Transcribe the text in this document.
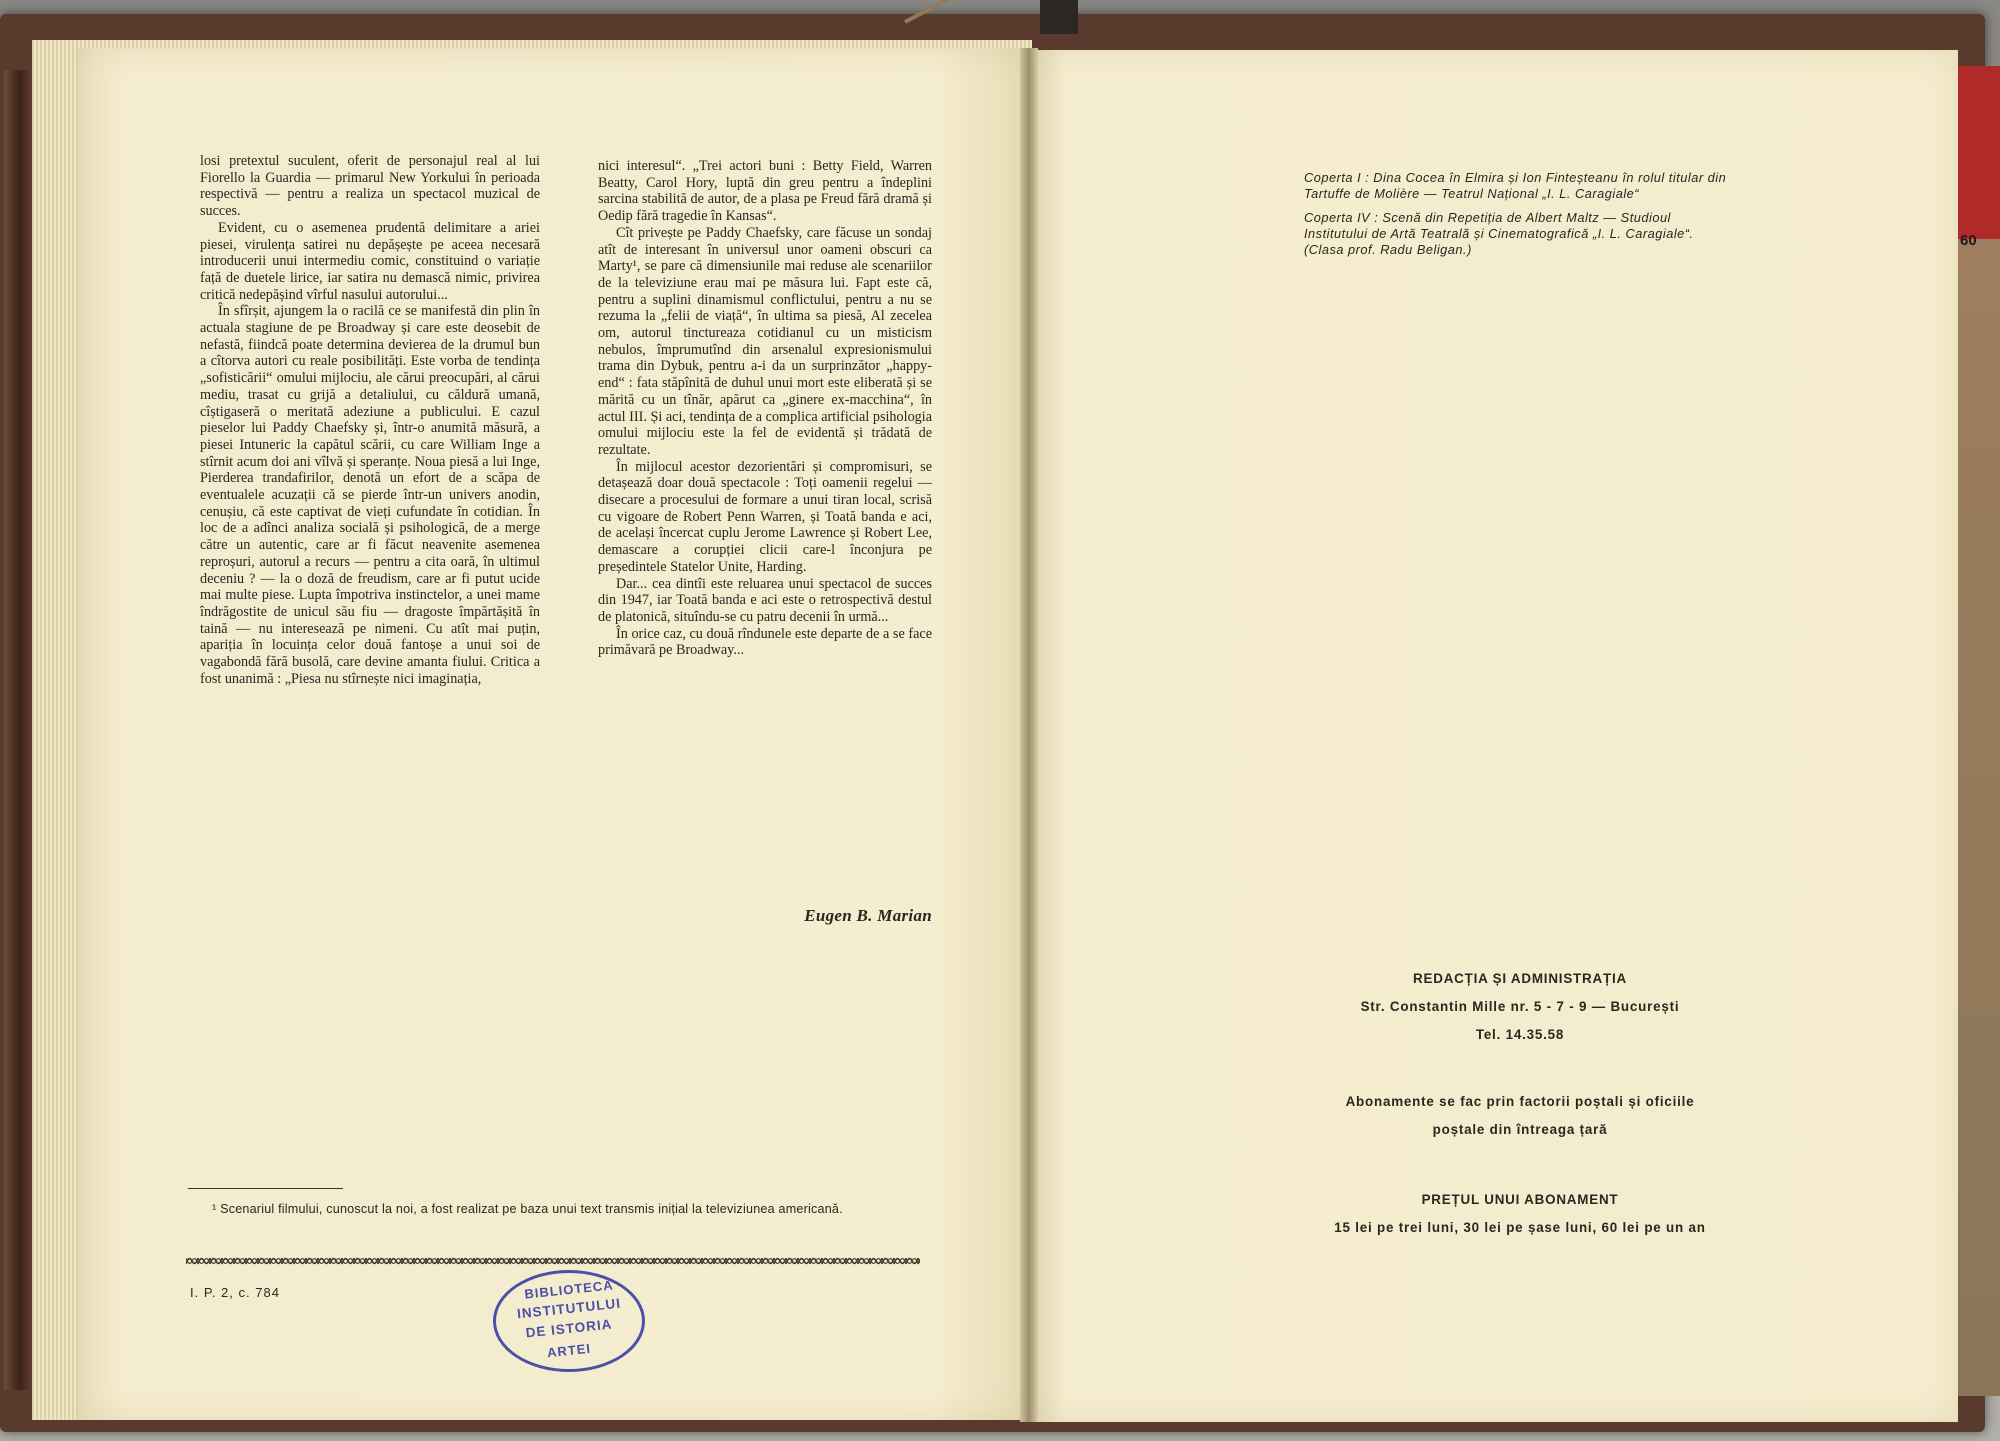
60

losi pretextul suculent, oferit de personajul real al lui Fiorello la Guardia — primarul New Yorkului în perioada respectivă — pentru a realiza un spectacol muzical de succes.

Evident, cu o asemenea prudentă delimitare a ariei piesei, virulența satirei nu depășește pe aceea necesară introducerii unui intermediu comic, constituind o variație față de duetele lirice, iar satira nu demască nimic, privirea critică nedepășind vîrful nasului autorului...

În sfîrșit, ajungem la o racilă ce se manifestă din plin în actuala stagiune de pe Broadway și care este deosebit de nefastă, fiindcă poate determina devierea de la drumul bun a cîtorva autori cu reale posibilități. Este vorba de tendința „sofisticării“ omului mijlociu, ale cărui preocupări, al cărui mediu, trasat cu grijă a detaliului, cu căldură umană, cîștigaseră o meritată adeziune a publicului. E cazul pieselor lui Paddy Chaefsky și, într-o anumită măsură, a piesei Intuneric la capătul scării, cu care William Inge a stîrnit acum doi ani vîlvă și speranțe. Noua piesă a lui Inge, Pierderea trandafirilor, denotă un efort de a scăpa de eventualele acuzații că se pierde într-un univers anodin, cenușiu, că este captivat de vieți cufundate în cotidian. În loc de a adînci analiza socială și psihologică, de a merge către un autentic, care ar fi făcut neavenite asemenea reproșuri, autorul a recurs — pentru a cita oară, în ultimul deceniu ? — la o doză de freudism, care ar fi putut ucide mai multe piese. Lupta împotriva instinctelor, a unei mame îndrăgostite de unicul său fiu — dragoste împărtășită în taină — nu interesează pe nimeni. Cu atît mai puțin, apariția în locuința celor două fantoșe a unui soi de vagabondă fără busolă, care devine amanta fiului. Critica a fost unanimă : „Piesa nu stîrnește nici imaginația,

nici interesul“. „Trei actori buni : Betty Field, Warren Beatty, Carol Hory, luptă din greu pentru a îndeplini sarcina stabilită de autor, de a plasa pe Freud fără dramă și Oedip fără tragedie în Kansas“.

Cît privește pe Paddy Chaefsky, care făcuse un sondaj atît de interesant în universul unor oameni obscuri ca Marty¹, se pare că dimensiunile mai reduse ale scenariilor de la televiziune erau mai pe măsura lui. Fapt este că, pentru a suplini dinamismul conflictului, pentru a nu se rezuma la „felii de viață“, în ultima sa piesă, Al zecelea om, autorul tinctureaza cotidianul cu un misticism nebulos, împrumutînd din arsenalul expresionismului trama din Dybuk, pentru a-i da un surprinzător „happy-end“ : fata stăpînită de duhul unui mort este eliberată și se mărită cu un tînăr, apărut ca „ginere ex-macchina“, în actul III. Și aci, tendința de a complica artificial psihologia omului mijlociu este la fel de evidentă și trădată de rezultate.

În mijlocul acestor dezorientări și compromisuri, se detașează doar două spectacole : Toți oamenii regelui — disecare a procesului de formare a unui tiran local, scrisă cu vigoare de Robert Penn Warren, și Toată banda e aci, de același încercat cuplu Jerome Lawrence și Robert Lee, demascare a corupției clicii care-l înconjura pe președintele Statelor Unite, Harding.

Dar... cea dintîi este reluarea unui spectacol de succes din 1947, iar Toată banda e aci este o retrospectivă destul de platonică, situîndu-se cu patru decenii în urmă...

În orice caz, cu două rîndunele este departe de a se face primăvară pe Broadway...

Eugen B. Marian
¹ Scenariul filmului, cunoscut la noi, a fost realizat pe baza unui text transmis inițial la televiziunea americană.
I. P. 2, c. 784	BIBLIOTECA
INSTITUTULUI
DE ISTORIA
ARTEI

Coperta I : Dina Cocea în Elmira și Ion Finteșteanu în rolul titular din Tartuffe de Molière — Teatrul Național „I. L. Caragiale“

Coperta IV : Scenă din Repetiția de Albert Maltz — Studioul Institutului de Artă Teatrală și Cinematografică „I. L. Caragiale“. (Clasa prof. Radu Beligan.)

REDACȚIA ȘI ADMINISTRAȚIA
Str. Constantin Mille nr. 5 - 7 - 9 — București
Tel. 14.35.58
Abonamente se fac prin factorii poștali și oficiile
poștale din întreaga țară
PREȚUL UNUI ABONAMENT
15 lei pe trei luni, 30 lei pe șase luni, 60 lei pe un an
